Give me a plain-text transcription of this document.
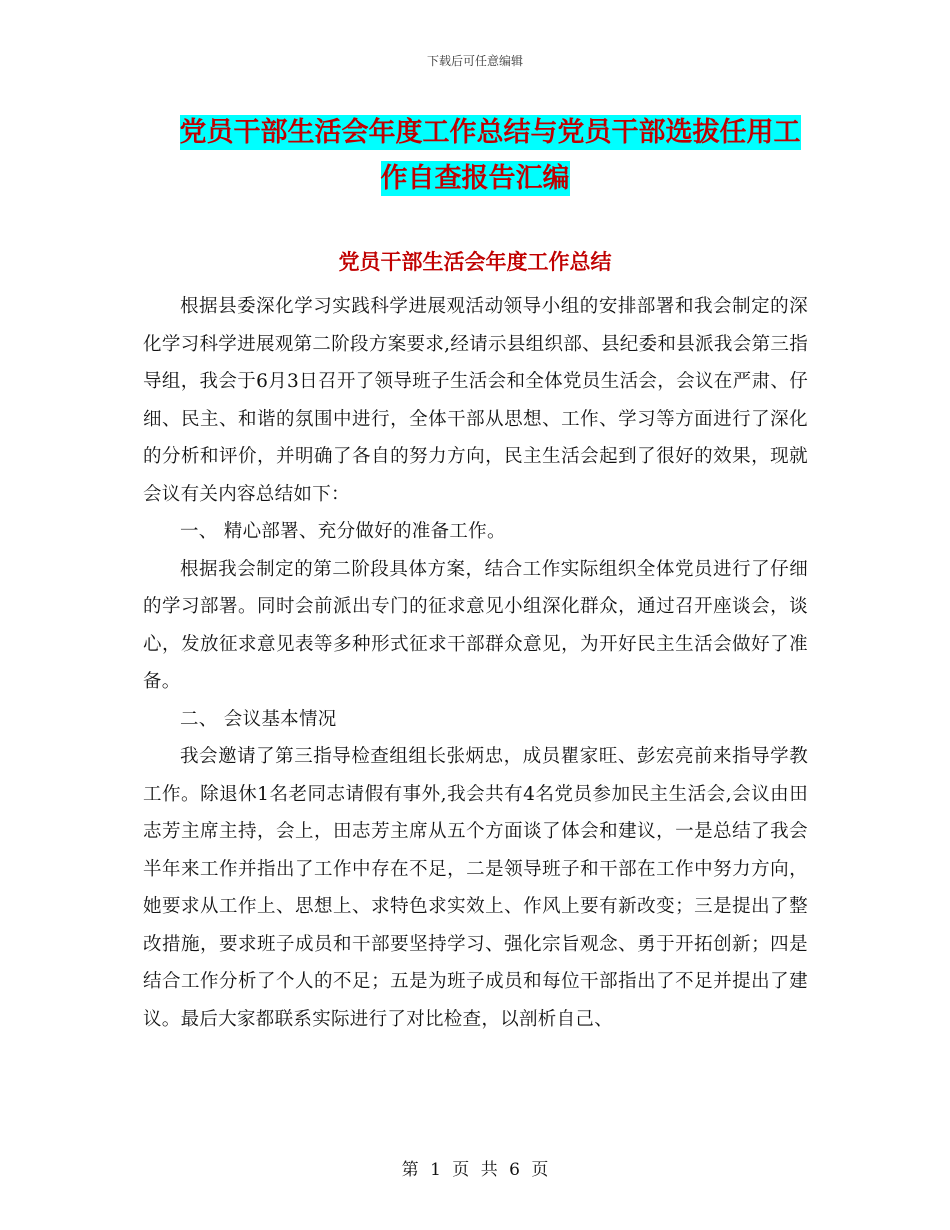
下载后可任意编辑
党员干部生活会年度工作总结与党员干部选拔任用工
作自查报告汇编
党员干部生活会年度工作总结

根据县委深化学习实践科学进展观活动领导小组的安排部署和我会制定的深化学习科学进展观第二阶段方案要求,经请示县组织部、县纪委和县派我会第三指导组，我会于6月3日召开了领导班子生活会和全体党员生活会，会议在严肃、仔细、民主、和谐的氛围中进行，全体干部从思想、工作、学习等方面进行了深化的分析和评价，并明确了各自的努力方向，民主生活会起到了很好的效果，现就会议有关内容总结如下：

一、 精心部署、充分做好的准备工作。

根据我会制定的第二阶段具体方案，结合工作实际组织全体党员进行了仔细的学习部署。同时会前派出专门的征求意见小组深化群众，通过召开座谈会，谈心，发放征求意见表等多种形式征求干部群众意见，为开好民主生活会做好了准备。

二、 会议基本情况

我会邀请了第三指导检查组组长张炳忠，成员瞿家旺、彭宏亮前来指导学教工作。除退休1名老同志请假有事外,我会共有4名党员参加民主生活会,会议由田志芳主席主持，会上，田志芳主席从五个方面谈了体会和建议，一是总结了我会半年来工作并指出了工作中存在不足，二是领导班子和干部在工作中努力方向，她要求从工作上、思想上、求特色求实效上、作风上要有新改变；三是提出了整改措施，要求班子成员和干部要坚持学习、强化宗旨观念、勇于开拓创新；四是结合工作分析了个人的不足；五是为班子成员和每位干部指出了不足并提出了建议。最后大家都联系实际进行了对比检查，以剖析自己、

第 1 页 共 6 页
